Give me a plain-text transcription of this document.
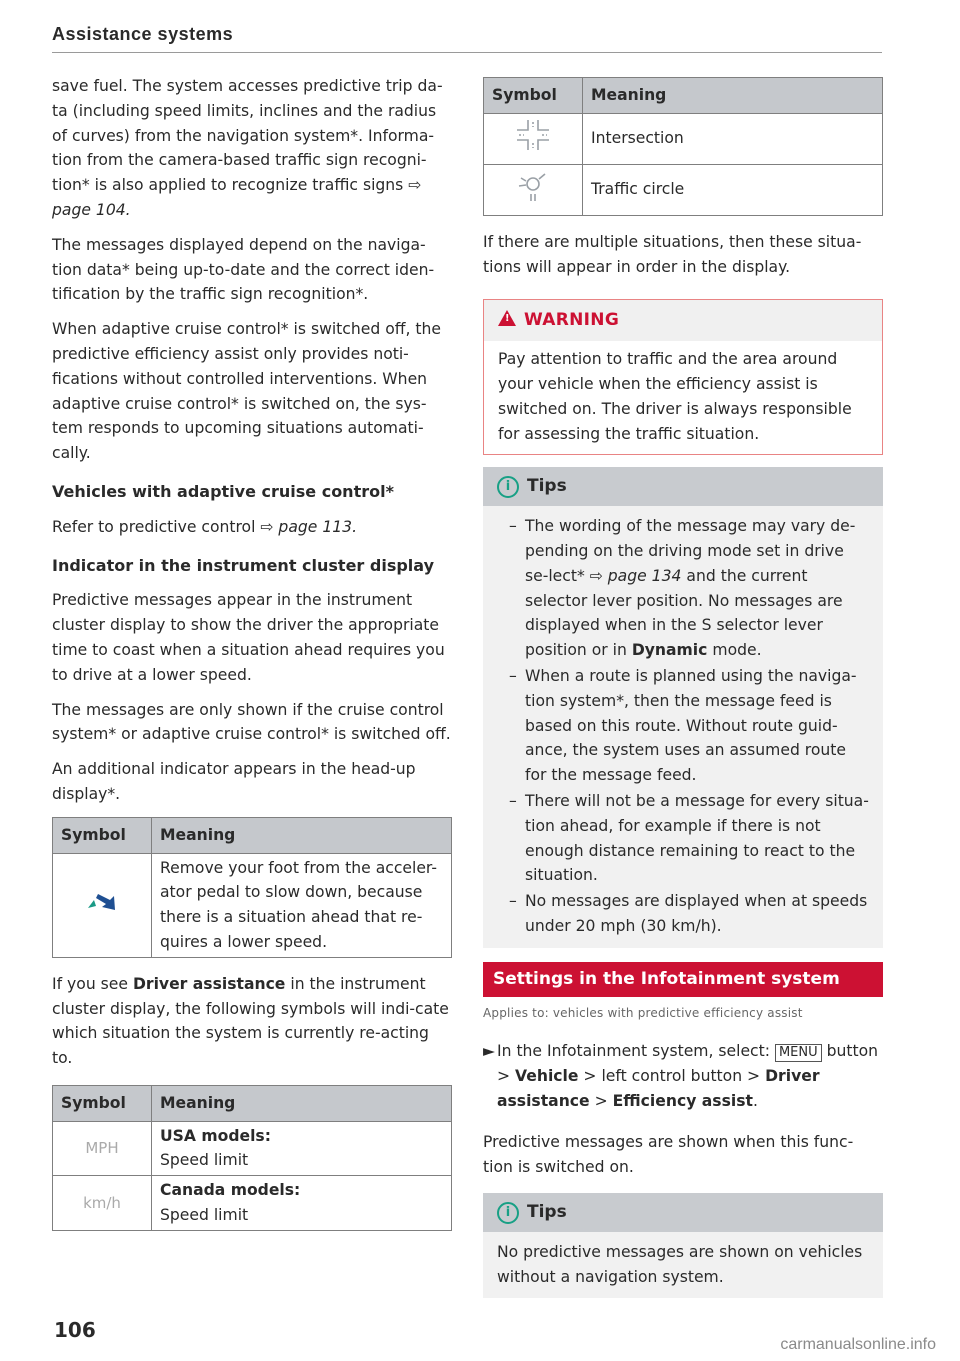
Assistance systems

save fuel. The system accesses predictive trip da-ta (including speed limits, inclines and the radius of curves) from the navigation system*. Informa-tion from the camera-based traffic sign recogni-tion* is also applied to recognize traffic signs ⇨ page 104.

The messages displayed depend on the naviga-tion data* being up-to-date and the correct iden-tification by the traffic sign recognition*.

When adaptive cruise control* is switched off, the predictive efficiency assist only provides noti-fications without controlled interventions. When adaptive cruise control* is switched on, the sys-tem responds to upcoming situations automati-cally.

Vehicles with adaptive cruise control*

Refer to predictive control ⇨ page 113.

Indicator in the instrument cluster display

Predictive messages appear in the instrument cluster display to show the driver the appropriate time to coast when a situation ahead requires you to drive at a lower speed.

The messages are only shown if the cruise control system* or adaptive cruise control* is switched off.

An additional indicator appears in the head-up display*.

Symbol	Meaning
	Remove your foot from the acceler-ator pedal to slow down, because there is a situation ahead that re-quires a lower speed.

If you see Driver assistance in the instrument cluster display, the following symbols will indi-cate which situation the system is currently re-acting to.

Symbol	Meaning
MPH	USA models:
Speed limit
km/h	Canada models:
Speed limit
Symbol	Meaning
	Intersection
	Traffic circle

If there are multiple situations, then these situa-tions will appear in order in the display.

! WARNING
Pay attention to traffic and the area around your vehicle when the efficiency assist is switched on. The driver is always responsible for assessing the traffic situation.
i Tips
– The wording of the message may vary de-pending on the driving mode set in drive se-lect* ⇨ page 134 and the current selector lever position. No messages are displayed when in the S selector lever position or in Dynamic mode.
– When a route is planned using the naviga-tion system*, then the message feed is based on this route. Without route guid-ance, the system uses an assumed route for the message feed.
– There will not be a message for every situa-tion ahead, for example if there is not enough distance remaining to react to the situation.
– No messages are displayed when at speeds under 20 mph (30 km/h).
Settings in the Infotainment system
Applies to: vehicles with predictive efficiency assist
► In the Infotainment system, select: MENU button > Vehicle > left control button > Driver assistance > Efficiency assist.

Predictive messages are shown when this func-tion is switched on.

i Tips
No predictive messages are shown on vehicles without a navigation system.
106
carmanualsonline.info
